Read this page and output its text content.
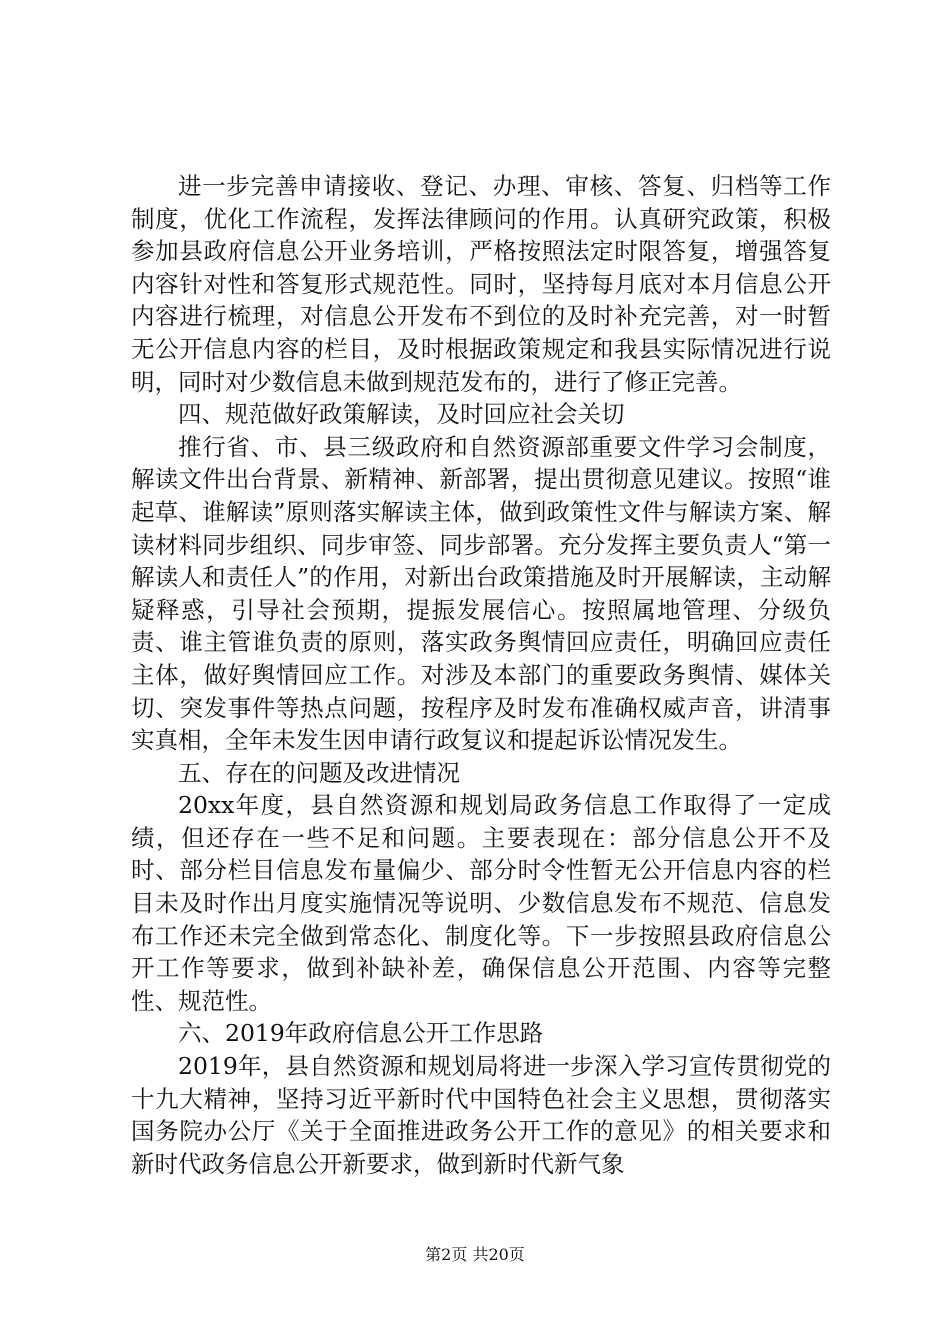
进一步完善申请接收、登记、办理、审核、答复、归档等工作制度，优化工作流程，发挥法律顾问的作用。认真研究政策，积极参加县政府信息公开业务培训，严格按照法定时限答复，增强答复内容针对性和答复形式规范性。同时，坚持每月底对本月信息公开内容进行梳理，对信息公开发布不到位的及时补充完善，对一时暂无公开信息内容的栏目，及时根据政策规定和我县实际情况进行说明，同时对少数信息未做到规范发布的，进行了修正完善。

四、规范做好政策解读，及时回应社会关切

推行省、市、县三级政府和自然资源部重要文件学习会制度，解读文件出台背景、新精神、新部署，提出贯彻意见建议。按照“谁起草、谁解读”原则落实解读主体，做到政策性文件与解读方案、解读材料同步组织、同步审签、同步部署。充分发挥主要负责人“第一解读人和责任人”的作用，对新出台政策措施及时开展解读，主动解疑释惑，引导社会预期，提振发展信心。按照属地管理、分级负责、谁主管谁负责的原则，落实政务舆情回应责任，明确回应责任主体，做好舆情回应工作。对涉及本部门的重要政务舆情、媒体关切、突发事件等热点问题，按程序及时发布准确权威声音，讲清事实真相，全年未发生因申请行政复议和提起诉讼情况发生。

五、存在的问题及改进情况

20xx年度，县自然资源和规划局政务信息工作取得了一定成绩，但还存在一些不足和问题。主要表现在：部分信息公开不及时、部分栏目信息发布量偏少、部分时令性暂无公开信息内容的栏目未及时作出月度实施情况等说明、少数信息发布不规范、信息发布工作还未完全做到常态化、制度化等。下一步按照县政府信息公开工作等要求，做到补缺补差，确保信息公开范围、内容等完整性、规范性。

六、2019年政府信息公开工作思路

2019年，县自然资源和规划局将进一步深入学习宣传贯彻党的十九大精神，坚持习近平新时代中国特色社会主义思想，贯彻落实国务院办公厅《关于全面推进政务公开工作的意见》的相关要求和新时代政务信息公开新要求，做到新时代新气象

第2页 共20页
